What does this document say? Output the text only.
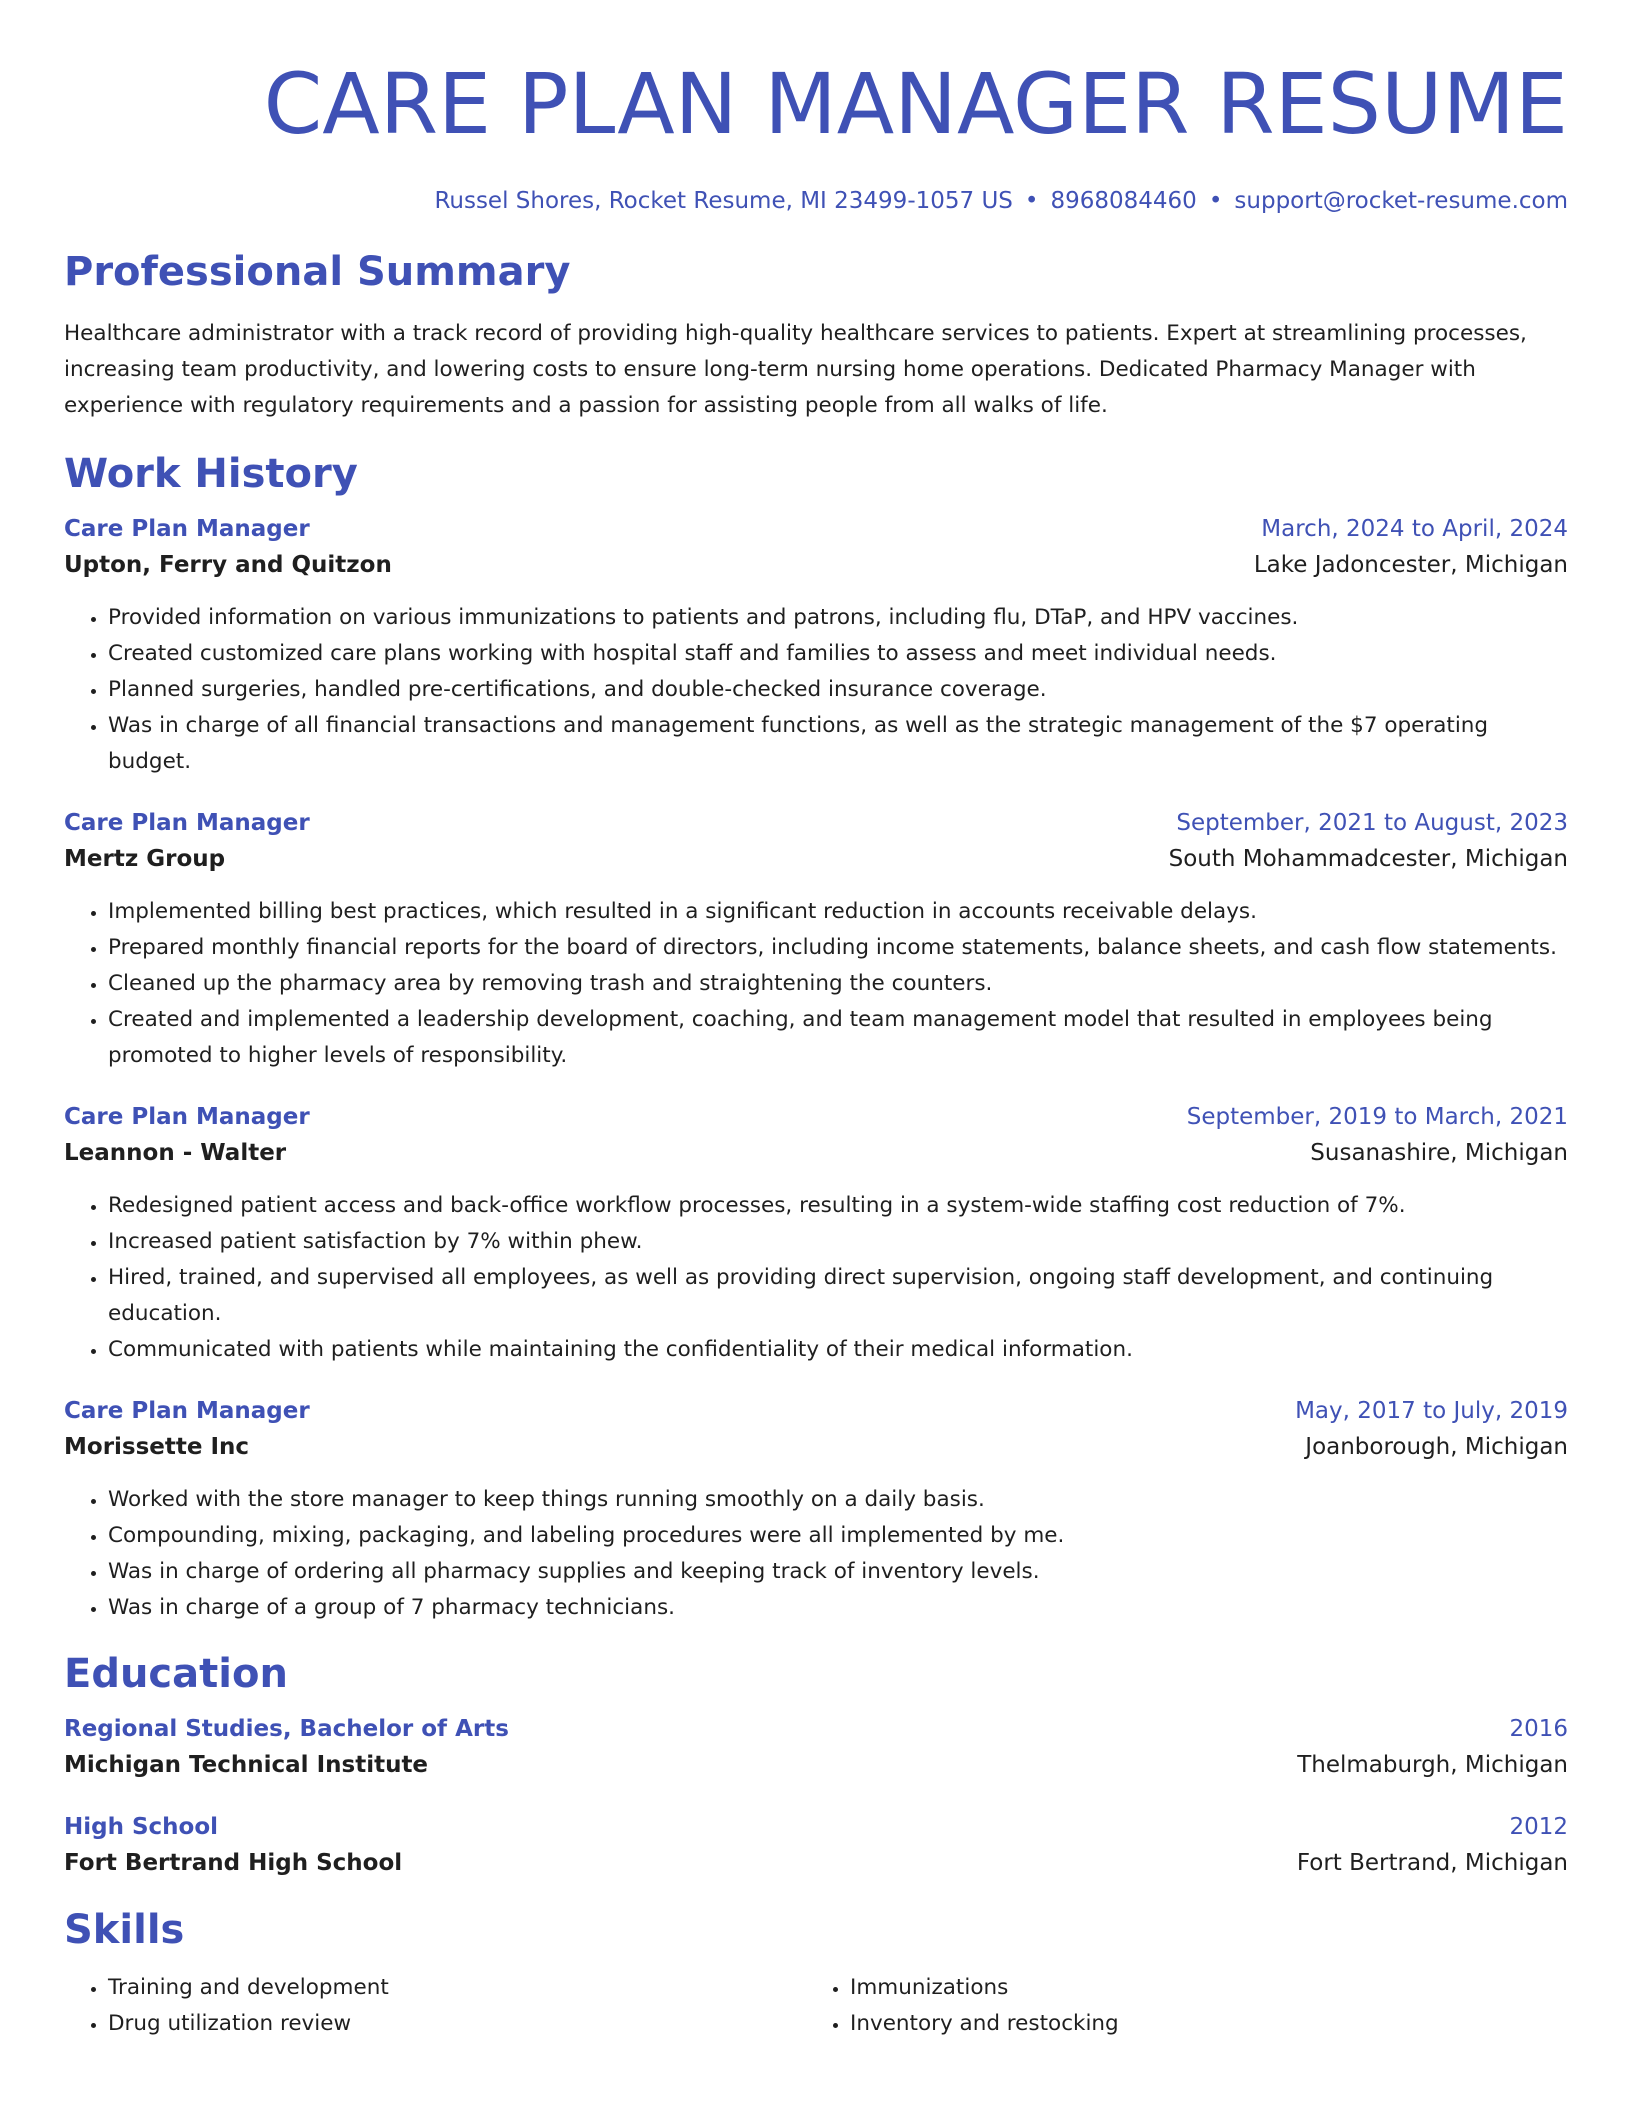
CARE PLAN MANAGER RESUME
Russel Shores, Rocket Resume, MI 23499-1057 US • 8968084460 • support@rocket-resume.com
Professional Summary

Healthcare administrator with a track record of providing high-quality healthcare services to patients. Expert at streamlining processes, increasing team productivity, and lowering costs to ensure long-term nursing home operations. Dedicated Pharmacy Manager with experience with regulatory requirements and a passion for assisting people from all walks of life.

Work History
Care Plan Manager	March, 2024 to April, 2024
Upton, Ferry and Quitzon	Lake Jadoncester, Michigan
• Provided information on various immunizations to patients and patrons, including flu, DTaP, and HPV vaccines.
• Created customized care plans working with hospital staff and families to assess and meet individual needs.
• Planned surgeries, handled pre-certifications, and double-checked insurance coverage.
• Was in charge of all financial transactions and management functions, as well as the strategic management of the $7 operating budget.
Care Plan Manager	September, 2021 to August, 2023
Mertz Group	South Mohammadcester, Michigan
• Implemented billing best practices, which resulted in a significant reduction in accounts receivable delays.
• Prepared monthly financial reports for the board of directors, including income statements, balance sheets, and cash flow statements.
• Cleaned up the pharmacy area by removing trash and straightening the counters.
• Created and implemented a leadership development, coaching, and team management model that resulted in employees being promoted to higher levels of responsibility.
Care Plan Manager	September, 2019 to March, 2021
Leannon - Walter	Susanashire, Michigan
• Redesigned patient access and back-office workflow processes, resulting in a system-wide staffing cost reduction of 7%.
• Increased patient satisfaction by 7% within phew.
• Hired, trained, and supervised all employees, as well as providing direct supervision, ongoing staff development, and continuing education.
• Communicated with patients while maintaining the confidentiality of their medical information.
Care Plan Manager	May, 2017 to July, 2019
Morissette Inc	Joanborough, Michigan
• Worked with the store manager to keep things running smoothly on a daily basis.
• Compounding, mixing, packaging, and labeling procedures were all implemented by me.
• Was in charge of ordering all pharmacy supplies and keeping track of inventory levels.
• Was in charge of a group of 7 pharmacy technicians.
Education
Regional Studies, Bachelor of Arts	2016
Michigan Technical Institute	Thelmaburgh, Michigan
High School	2012
Fort Bertrand High School	Fort Bertrand, Michigan
Skills
• Training and development
• Drug utilization review
• Immunizations
• Inventory and restocking
